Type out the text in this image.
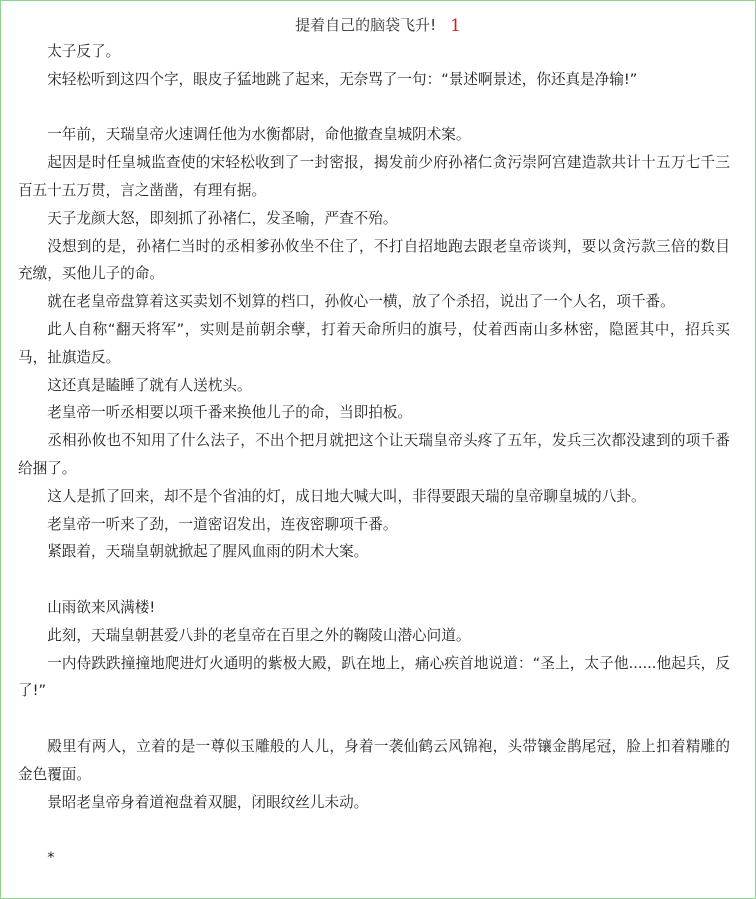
提着自己的脑袋飞升! 1

太子反了。

宋轻松听到这四个字，眼皮子猛地跳了起来，无奈骂了一句：“景述啊景述，你还真是净输!”

一年前，天瑞皇帝火速调任他为水衡都尉，命他撤查皇城阴术案。

起因是时任皇城监查使的宋轻松收到了一封密报，揭发前少府孙褚仁贪污崇阿宫建造款共计十五万七千三百五十五万贯，言之凿凿，有理有据。

天子龙颜大怒，即刻抓了孙褚仁，发圣喻，严查不殆。

没想到的是，孙褚仁当时的丞相爹孙攸坐不住了，不打自招地跑去跟老皇帝谈判，要以贪污款三倍的数目充缴，买他儿子的命。

就在老皇帝盘算着这买卖划不划算的档口，孙攸心一横，放了个杀招，说出了一个人名，项千番。

此人自称“翻天将军”，实则是前朝余孽，打着天命所归的旗号，仗着西南山多林密，隐匿其中，招兵买马，扯旗造反。

这还真是瞌睡了就有人送枕头。

老皇帝一听丞相要以项千番来换他儿子的命，当即拍板。

丞相孙攸也不知用了什么法子，不出个把月就把这个让天瑞皇帝头疼了五年，发兵三次都没逮到的项千番给捆了。

这人是抓了回来，却不是个省油的灯，成日地大喊大叫，非得要跟天瑞的皇帝聊皇城的八卦。

老皇帝一听来了劲，一道密诏发出，连夜密聊项千番。

紧跟着，天瑞皇朝就掀起了腥风血雨的阴术大案。

山雨欲来风满楼!

此刻，天瑞皇朝甚爱八卦的老皇帝在百里之外的鞠陵山潜心问道。

一内侍跌跌撞撞地爬进灯火通明的紫极大殿，趴在地上，痛心疾首地说道：“圣上，太子他......他起兵，反了!”

殿里有两人，立着的是一尊似玉雕般的人儿，身着一袭仙鹤云风锦袍，头带镶金鹊尾冠，脸上扣着精雕的金色覆面。

景昭老皇帝身着道袍盘着双腿，闭眼纹丝儿未动。

*
